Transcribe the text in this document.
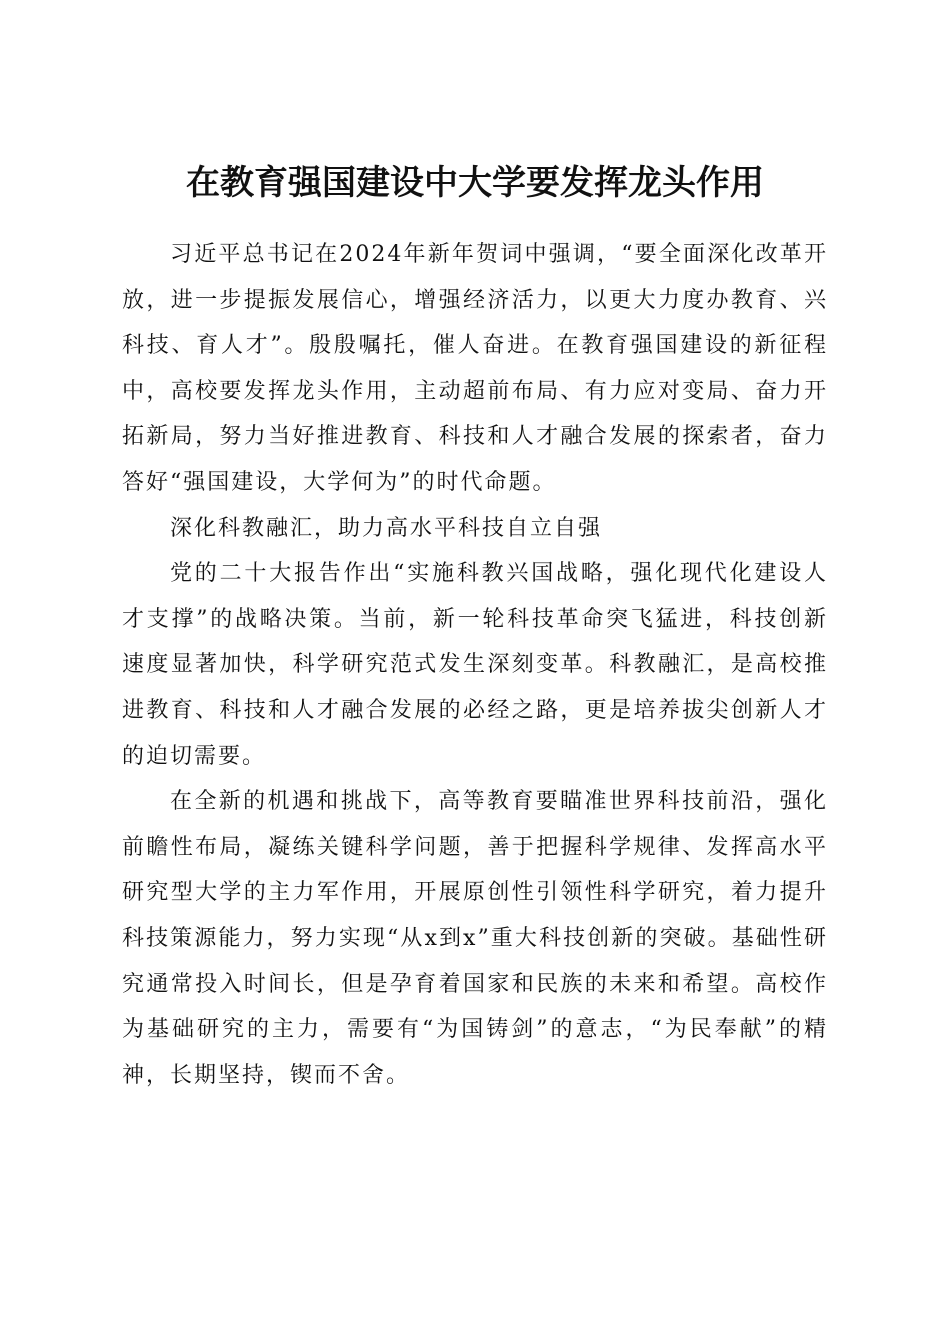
在教育强国建设中大学要发挥龙头作用

习近平总书记在2024年新年贺词中强调，“要全面深化改革开放，进一步提振发展信心，增强经济活力，以更大力度办教育、兴科技、育人才”。殷殷嘱托，催人奋进。在教育强国建设的新征程中，高校要发挥龙头作用，主动超前布局、有力应对变局、奋力开拓新局，努力当好推进教育、科技和人才融合发展的探索者，奋力答好“强国建设，大学何为”的时代命题。

深化科教融汇，助力高水平科技自立自强

党的二十大报告作出“实施科教兴国战略，强化现代化建设人才支撑”的战略决策。当前，新一轮科技革命突飞猛进，科技创新速度显著加快，科学研究范式发生深刻变革。科教融汇，是高校推进教育、科技和人才融合发展的必经之路，更是培养拔尖创新人才的迫切需要。

在全新的机遇和挑战下，高等教育要瞄准世界科技前沿，强化前瞻性布局，凝练关键科学问题，善于把握科学规律、发挥高水平研究型大学的主力军作用，开展原创性引领性科学研究，着力提升科技策源能力，努力实现“从x到x”重大科技创新的突破。基础性研究通常投入时间长，但是孕育着国家和民族的未来和希望。高校作为基础研究的主力，需要有“为国铸剑”的意志，“为民奉献”的精神，长期坚持，锲而不舍。
